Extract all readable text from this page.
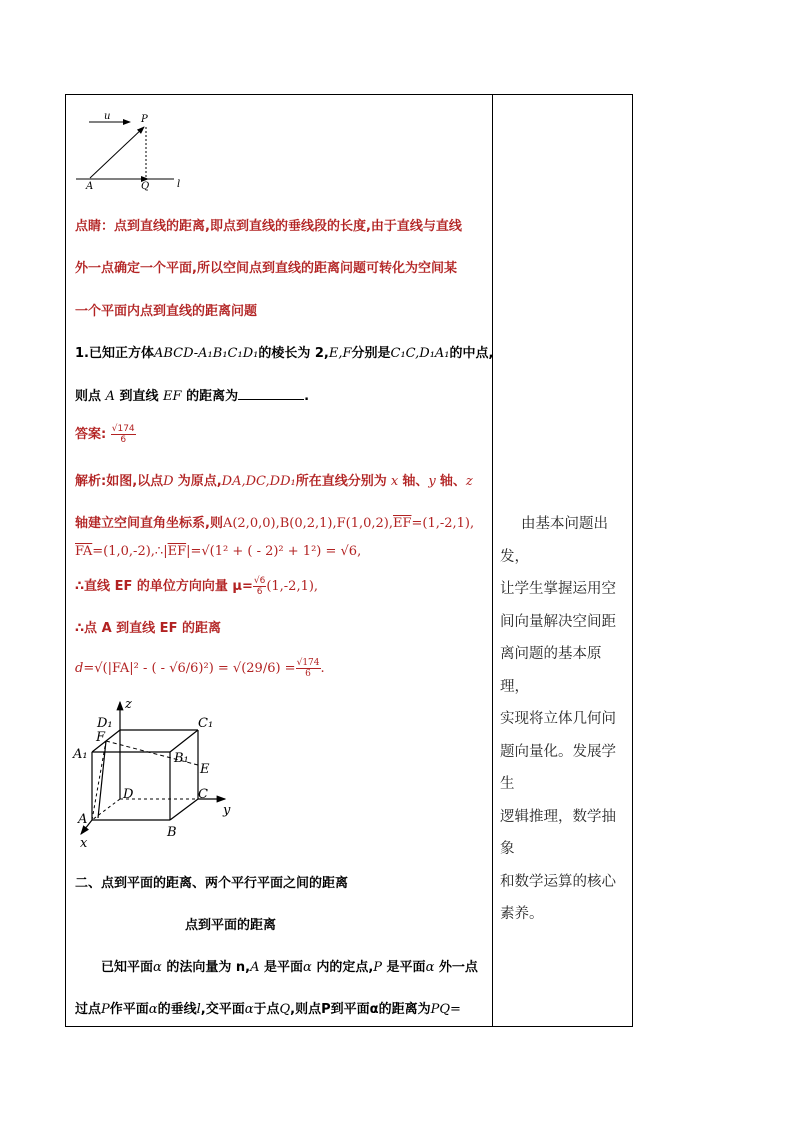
u	P
A	Q	l
点睛：点到直线的距离,即点到直线的垂线段的长度,由于直线与直线
外一点确定一个平面,所以空间点到直线的距离问题可转化为空间某
一个平面内点到直线的距离问题
1.已知正方体ABCD-A₁B₁C₁D₁的棱长为 2,E,F分别是C₁C,D₁A₁的中点,
则点 A 到直线 EF 的距离为	.
答案: $\frac{√174}{6}$
解析:如图,以点D 为原点,DA,DC,DD₁所在直线分别为 x 轴、y 轴、z
轴建立空间直角坐标系,则$A(2,0,0),B(0,2,1),F(1,0,2),\overline{EF}=(1,-2,1)$,
$\overline{FA}=(1,0,-2),\therefore|\overline{EF}|=√(1^2$ + ( - 2)² + 1²) = √6,
∴直线 EF 的单位方向向量 $\mu= \frac{√6}{6} (1,-2,1)$,
∴点 A 到直线 EF 的距离
d=√(|FA|² - ( - $√6/6)^2) = √(29/6) = \frac{√174}{6}$ .
z
y
x
D₁	C₁
A₁
F
B₁
E
D	C
A
B
二、点到平面的距离、两个平行平面之间的距离
点到平面的距离
已知平面α 的法向量为 n,A 是平面α 内的定点,P 是平面α 外一点
过点P作平面α的垂线l,交平面α于点Q,则点P到平面α的距离为PQ=
由基本问题出发，
让学生掌握运用空
间向量解决空间距
离问题的基本原理，
实现将立体几何问
题向量化。发展学生
逻辑推理，数学抽象
和数学运算的核心
素养。
